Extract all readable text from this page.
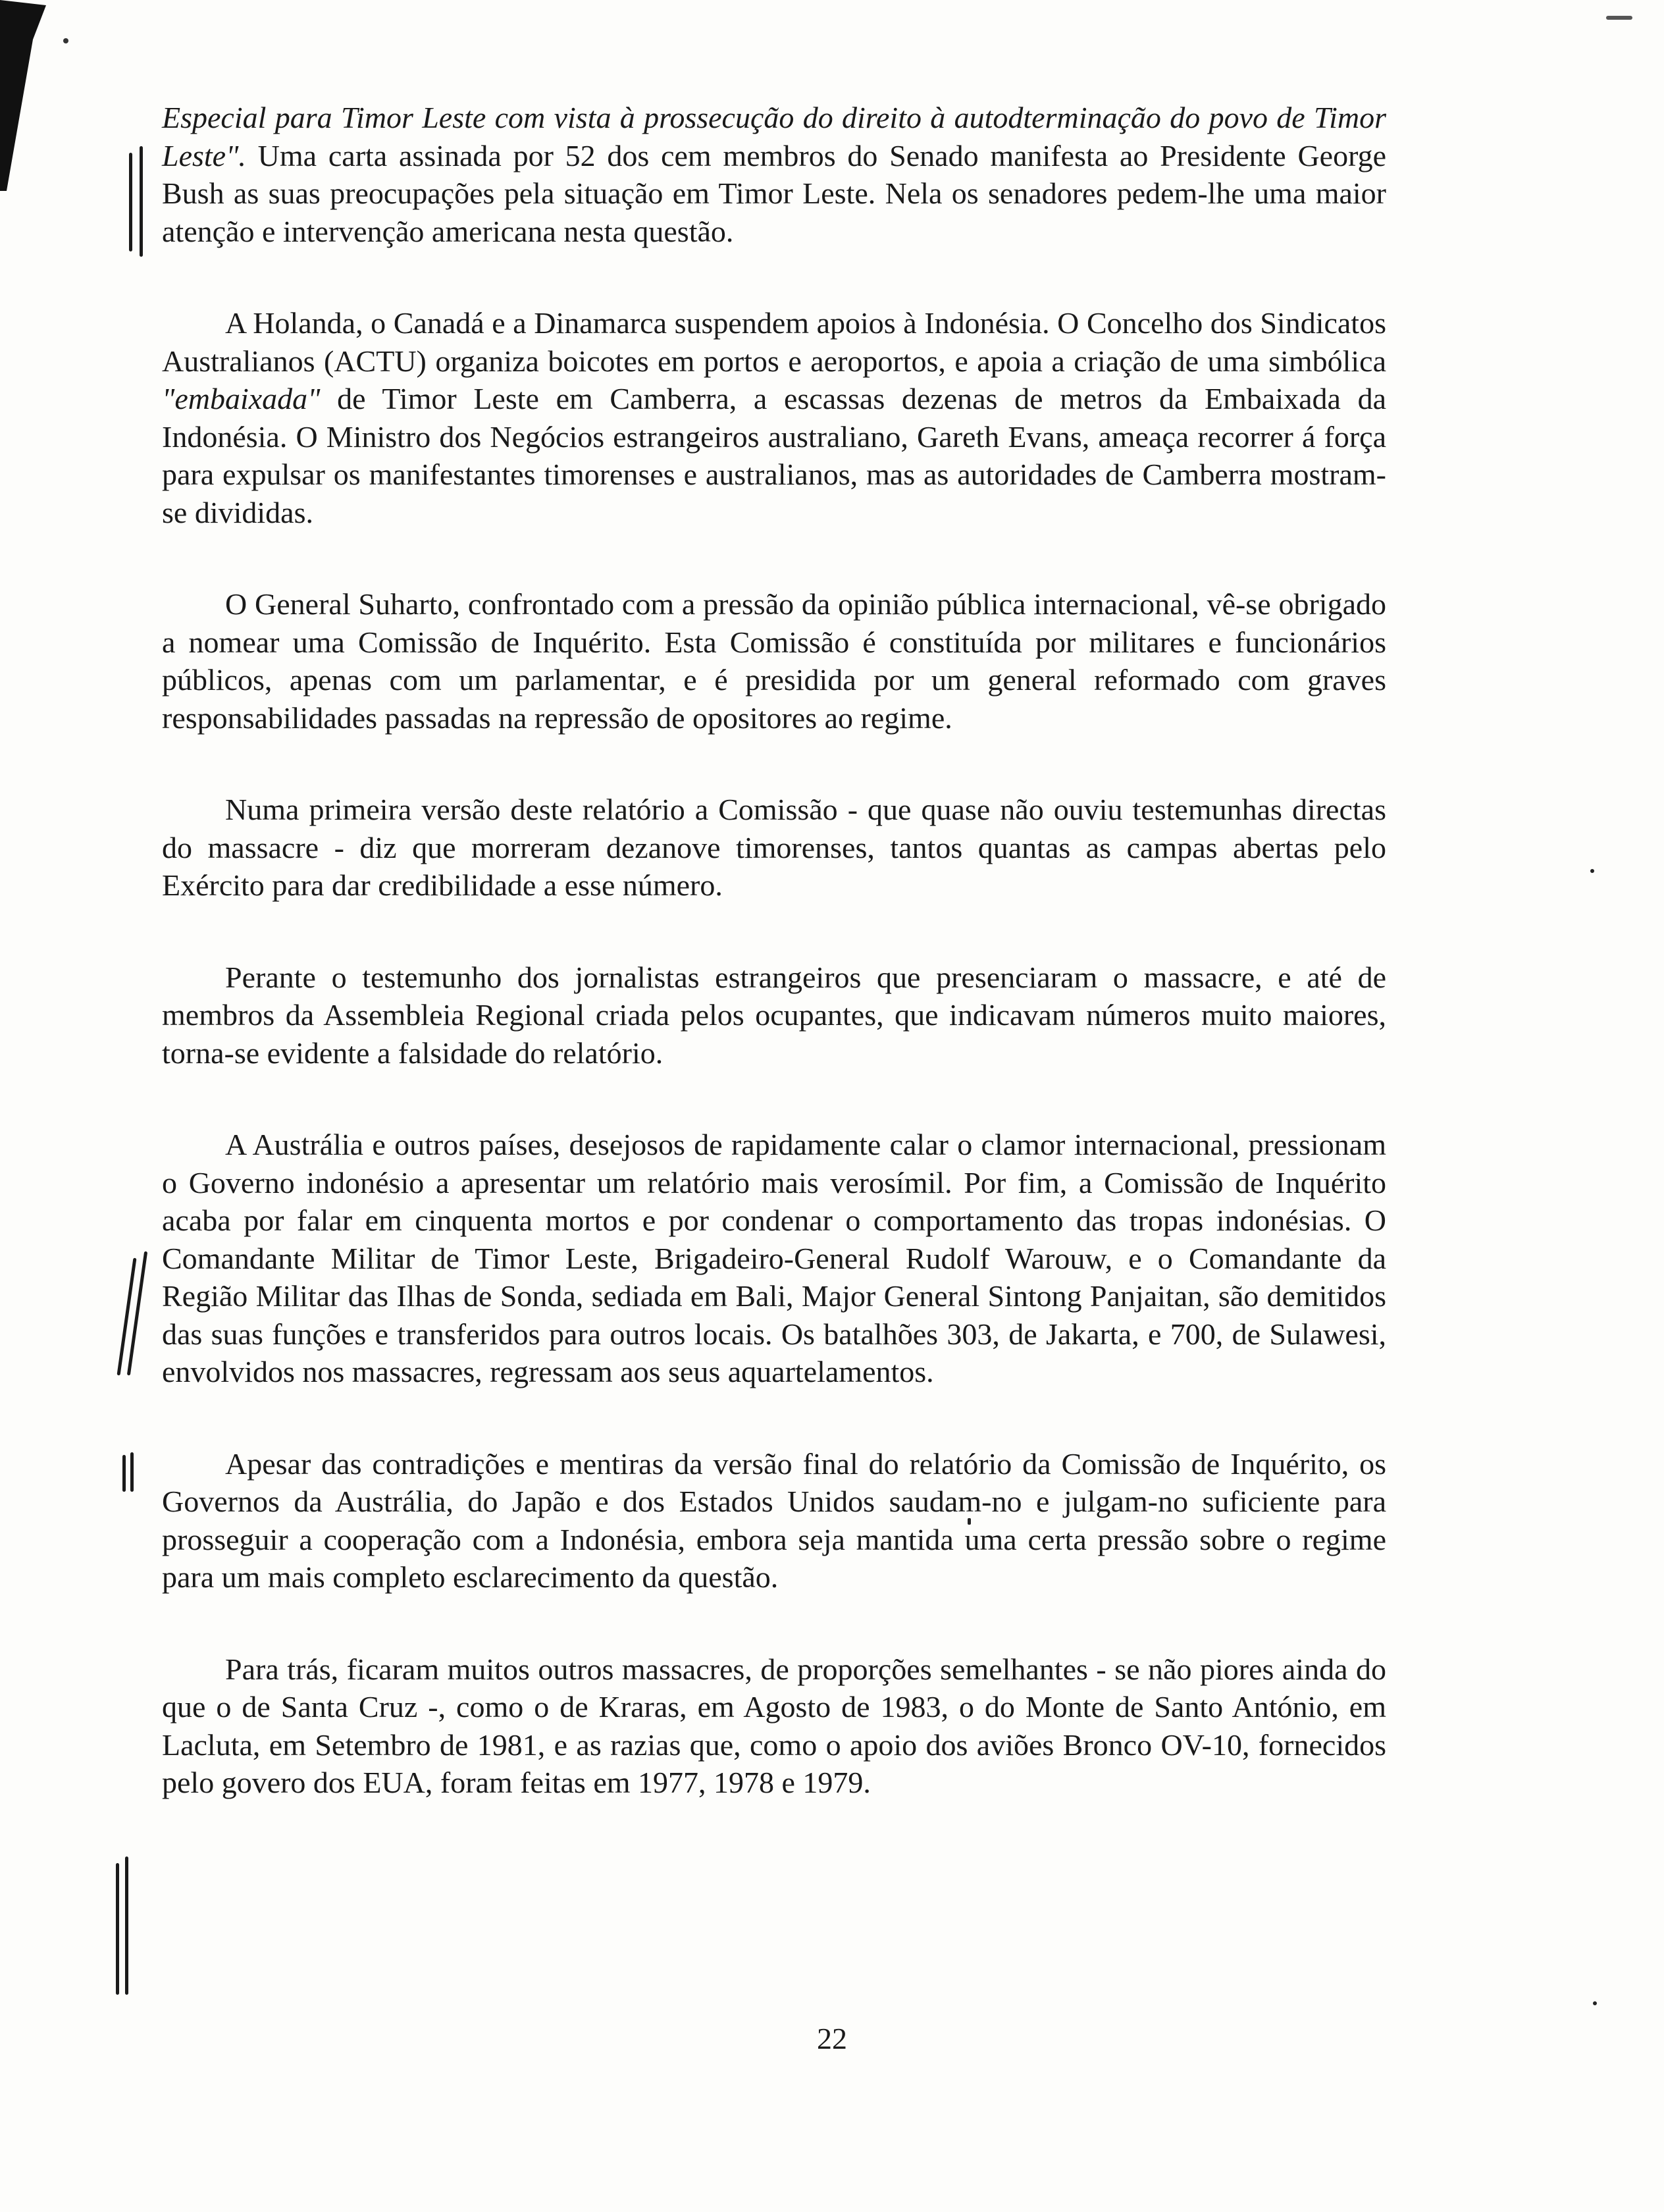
Especial para Timor Leste com vista à prossecução do direito à autodterminação do povo de Timor Leste". Uma carta assinada por 52 dos cem membros do Senado manifesta ao Presidente George Bush as suas preocupações pela situação em Timor Leste. Nela os senadores pedem-lhe uma maior atenção e intervenção americana nesta questão.

A Holanda, o Canadá e a Dinamarca suspendem apoios à Indonésia. O Concelho dos Sindicatos Australianos (ACTU) organiza boicotes em portos e aeroportos, e apoia a criação de uma simbólica "embaixada" de Timor Leste em Camberra, a escassas dezenas de metros da Embaixada da Indonésia. O Ministro dos Negócios estrangeiros australiano, Gareth Evans, ameaça recorrer á força para expulsar os manifestantes timorenses e australianos, mas as autoridades de Camberra mostram-se divididas.

O General Suharto, confrontado com a pressão da opinião pública internacional, vê-se obrigado a nomear uma Comissão de Inquérito. Esta Comissão é constituída por militares e funcionários públicos, apenas com um parlamentar, e é presidida por um general reformado com graves responsabilidades passadas na repressão de opositores ao regime.

Numa primeira versão deste relatório a Comissão - que quase não ouviu testemunhas directas do massacre - diz que morreram dezanove timorenses, tantos quantas as campas abertas pelo Exército para dar credibilidade a esse número.

Perante o testemunho dos jornalistas estrangeiros que presenciaram o massacre, e até de membros da Assembleia Regional criada pelos ocupantes, que indicavam números muito maiores, torna-se evidente a falsidade do relatório.

A Austrália e outros países, desejosos de rapidamente calar o clamor internacional, pressionam o Governo indonésio a apresentar um relatório mais verosímil. Por fim, a Comissão de Inquérito acaba por falar em cinquenta mortos e por condenar o comportamento das tropas indonésias. O Comandante Militar de Timor Leste, Brigadeiro-General Rudolf Warouw, e o Comandante da Região Militar das Ilhas de Sonda, sediada em Bali, Major General Sintong Panjaitan, são demitidos das suas funções e transferidos para outros locais. Os batalhões 303, de Jakarta, e 700, de Sulawesi, envolvidos nos massacres, regressam aos seus aquartelamentos.

Apesar das contradições e mentiras da versão final do relatório da Comissão de Inquérito, os Governos da Austrália, do Japão e dos Estados Unidos saudam-no e julgam-no suficiente para prosseguir a cooperação com a Indonésia, embora seja mantida uma certa pressão sobre o regime para um mais completo esclarecimento da questão.

Para trás, ficaram muitos outros massacres, de proporções semelhantes - se não piores ainda do que o de Santa Cruz -, como o de Kraras, em Agosto de 1983, o do Monte de Santo António, em Lacluta, em Setembro de 1981, e as razias que, como o apoio dos aviões Bronco OV-10, fornecidos pelo govero dos EUA, foram feitas em 1977, 1978 e 1979.

22
